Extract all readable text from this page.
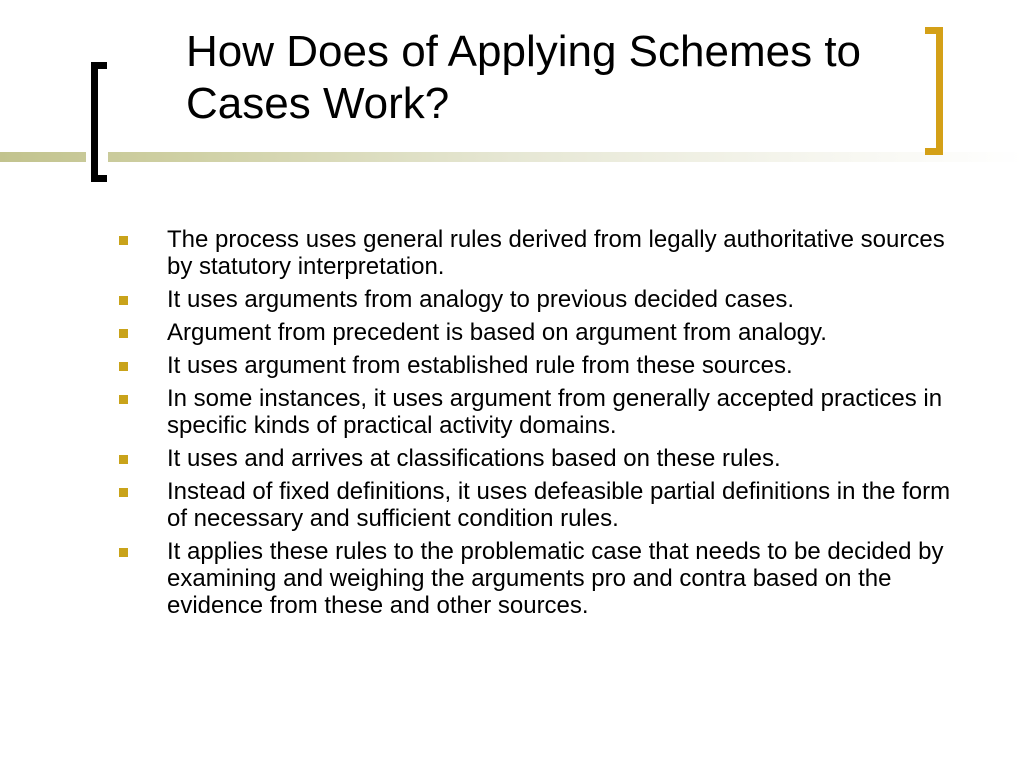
How Does of Applying Schemes to Cases Work?
The process uses general rules derived from legally authoritative sources by statutory interpretation.
It uses arguments from analogy to previous decided cases.
Argument from precedent is based on argument from analogy.
It uses argument from established rule from these sources.
In some instances, it uses argument from generally accepted practices in specific kinds of practical activity domains.
It uses and arrives at classifications based on these rules.
Instead of fixed definitions, it uses defeasible partial definitions in the form of necessary and sufficient condition rules.
It applies these rules to the problematic case that needs to be decided by examining and weighing the arguments pro and contra based on the evidence from these and other sources.
